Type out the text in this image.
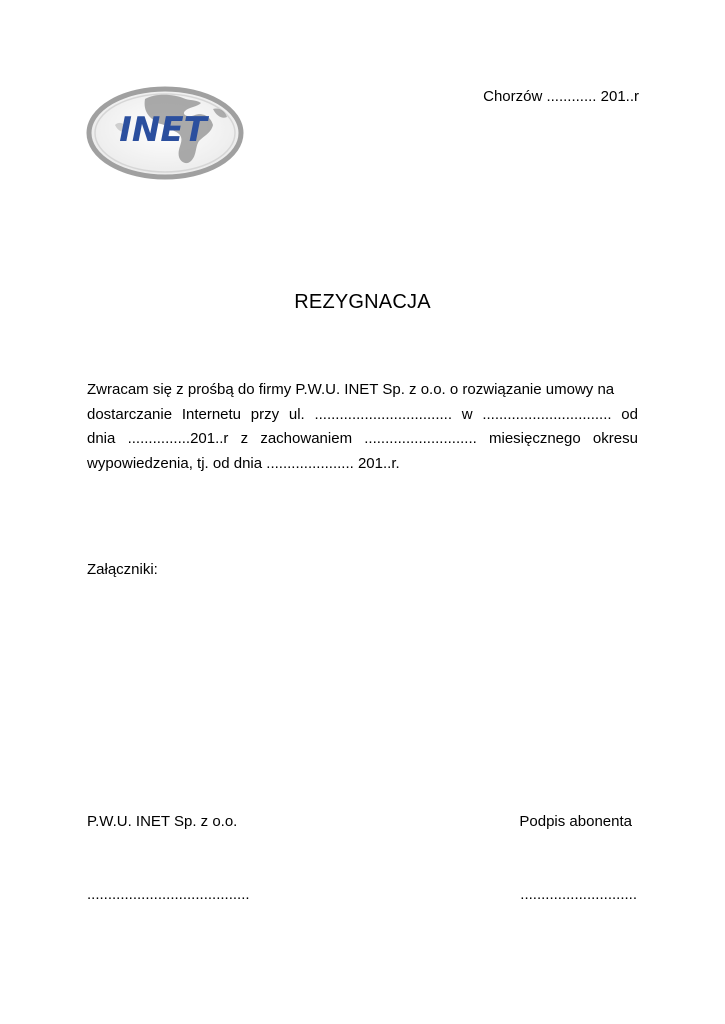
INET
Chorzów ............ 201..r
REZYGNACJA
Zwracam się z prośbą do firmy P.W.U. INET Sp. z o.o. o rozwiązanie umowy na
dostarczanie Internetu przy ul. ................................. w ............................... od
dnia ...............201..r z zachowaniem ........................... miesięcznego okresu
wypowiedzenia, tj. od dnia ..................... 201..r.
Załączniki:
P.W.U. INET Sp. z o.o.	Podpis abonenta
.......................................	............................
